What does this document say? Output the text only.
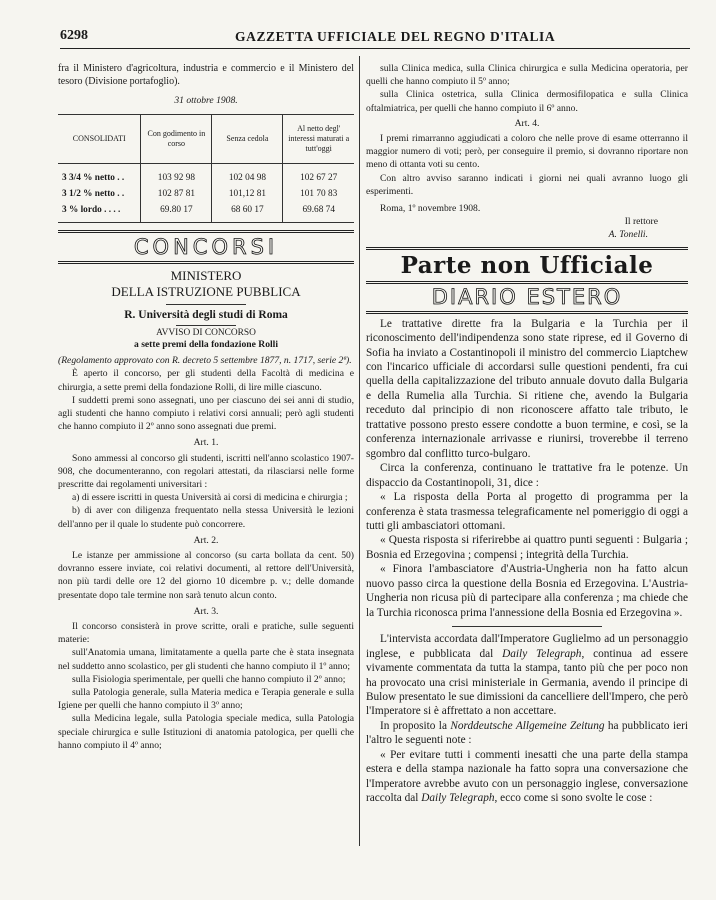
6298	GAZZETTA UFFICIALE DEL REGNO D'ITALIA

fra il Ministero d'agricoltura, industria e commercio e il Ministero del tesoro (Divisione portafoglio).

31 ottobre 1908.

CONSOLIDATI	Con godimento in corso	Senza cedola	Al netto degl' interessi maturati a tutt'oggi
3 3/4 % netto . .	103 92 98	102 04 98	102 67 27
3 1/2 % netto . .	102 87 81	101,12 81	101 70 83
3 % lordo . . . .	69.80 17	68 60 17	69.68 74
CONCORSI

MINISTERO

DELLA ISTRUZIONE PUBBLICA

R. Università degli studi di Roma

AVVISO DI CONCORSO

a sette premi della fondazione Rolli

(Regolamento approvato con R. decreto 5 settembre 1877, n. 1717, serie 2ª).

È aperto il concorso, per gli studenti della Facoltà di medicina e chirurgia, a sette premi della fondazione Rolli, di lire mille ciascuno.

I suddetti premi sono assegnati, uno per ciascuno dei sei anni di studio, agli studenti che hanno compiuto i relativi corsi annuali; però agli studenti che hanno compiuto il 2º anno sono assegnati due premi.

Art. 1.

Sono ammessi al concorso gli studenti, iscritti nell'anno scolastico 1907-908, che documenteranno, con regolari attestati, da rilasciarsi nelle forme prescritte dai regolamenti universitari :

a) di essere iscritti in questa Università ai corsi di medicina e chirurgia ;

b) di aver con diligenza frequentato nella stessa Università le lezioni dell'anno per il quale lo studente può concorrere.

Art. 2.

Le istanze per ammissione al concorso (su carta bollata da cent. 50) dovranno essere inviate, coi relativi documenti, al rettore dell'Università, non più tardi delle ore 12 del giorno 10 dicembre p. v.; delle domande presentate dopo tale termine non sarà tenuto alcun conto.

Art. 3.

Il concorso consisterà in prove scritte, orali e pratiche, sulle seguenti materie:

sull'Anatomia umana, limitatamente a quella parte che è stata insegnata nel suddetto anno scolastico, per gli studenti che hanno compiuto il 1º anno;

sulla Fisiologia sperimentale, per quelli che hanno compiuto il 2º anno;

sulla Patologia generale, sulla Materia medica e Terapia generale e sulla Igiene per quelli che hanno compiuto il 3º anno;

sulla Medicina legale, sulla Patologia speciale medica, sulla Patologia speciale chirurgica e sulle Istituzioni di anatomia patologica, per quelli che hanno compiuto il 4º anno;

sulla Clinica medica, sulla Clinica chirurgica e sulla Medicina operatoria, per quelli che hanno compiuto il 5º anno;

sulla Clinica ostetrica, sulla Clinica dermosifilopatica e sulla Clinica oftalmiatrica, per quelli che hanno compiuto il 6º anno.

Art. 4.

I premi rimarranno aggiudicati a coloro che nelle prove di esame otterranno il maggior numero di voti; però, per conseguire il premio, si dovranno riportare non meno di ottanta voti su cento.

Con altro avviso saranno indicati i giorni nei quali avranno luogo gli esperimenti.

Roma, 1º novembre 1908.

Il rettore

A. Tonelli.

Parte non Ufficiale
DIARIO ESTERO

Le trattative dirette fra la Bulgaria e la Turchia per il riconoscimento dell'indipendenza sono state riprese, ed il Governo di Sofia ha inviato a Costantinopoli il ministro del commercio Liaptchew con l'incarico ufficiale di accordarsi sulle questioni pendenti, fra cui quella della capitalizzazione del tributo annuale dovuto dalla Bulgaria e della Rumelia alla Turchia. Si ritiene che, avendo la Bulgaria receduto dal principio di non riconoscere affatto tale tributo, le trattative possono presto essere condotte a buon termine, e così, se la conferenza internazionale arrivasse e riunirsi, troverebbe il terreno sgombro dal conflitto turco-bulgaro.

Circa la conferenza, continuano le trattative fra le potenze. Un dispaccio da Costantinopoli, 31, dice :

« La risposta della Porta al progetto di programma per la conferenza è stata trasmessa telegraficamente nel pomeriggio di oggi a tutti gli ambasciatori ottomani.

« Questa risposta si riferirebbe ai quattro punti seguenti : Bulgaria ; Bosnia ed Erzegovina ; compensi ; integrità della Turchia.

« Finora l'ambasciatore d'Austria-Ungheria non ha fatto alcun nuovo passo circa la questione della Bosnia ed Erzegovina. L'Austria-Ungheria non ricusa più di partecipare alla conferenza ; ma chiede che la Turchia riconosca prima l'annessione della Bosnia ed Erzegovina ».

L'intervista accordata dall'Imperatore Guglielmo ad un personaggio inglese, e pubblicata dal Daily Telegraph, continua ad essere vivamente commentata da tutta la stampa, tanto più che per poco non ha provocato una crisi ministeriale in Germania, avendo il principe di Bulow presentato le sue dimissioni da cancelliere dell'Impero, che però l'Imperatore si è affrettato a non accettare.

In proposito la Norddeutsche Allgemeine Zeitung ha pubblicato ieri l'altro le seguenti note :

« Per evitare tutti i commenti inesatti che una parte della stampa estera e della stampa nazionale ha fatto sopra una conversazione che l'Imperatore avrebbe avuto con un personaggio inglese, conversazione raccolta dal Daily Telegraph, ecco come si sono svolte le cose :
